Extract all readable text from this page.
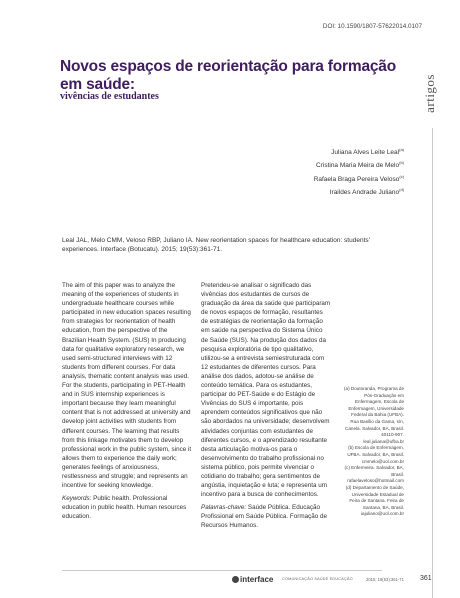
DOI: 10.1590/1807-57622014.0107
Novos espaços de reorientação para formação em saúde:
vivências de estudantes	artigos
Juliana Alves Leite Leal$^{(a)}$
Cristina Maria Meira de Melo$^{(b)}$
Rafaela Braga Pereira Veloso$^{(c)}$
Iraildes Andrade Juliano$^{(d)}$

Leal JAL, Melo CMM, Veloso RBP, Juliano IA. New reorientation spaces for healthcare education: students' experiences. Interface (Botucatu). 2015; 19(53):361-71.

The aim of this paper was to analyze the meaning of the experiences of students in undergraduate healthcare courses while participated in new education spaces resulting from strategies for reorientation of health education, from the perspective of the Brazilian Health System. (SUS) In producing data for qualitative exploratory research, we used semi-structured interviews with 12 students from different courses. For data analysis, thematic content analysis was used. For the students, participating in PET-Health and in SUS internship experiences is important because they learn meaningful content that is not addressed at university and develop joint activities with students from different courses. The learning that results from this linkage motivates them to develop professional work in the public system, since it allows them to experience the daily work; generates feelings of anxiousness, restlessness and struggle; and represents an incentive for seeking knowledge.

Keywords: Public health. Professional education in public health. Human resources education.

Pretendeu-se analisar o significado das vivências dos estudantes de cursos de graduação da área da saúde que participaram de novos espaços de formação, resultantes de estratégias de reorientação da formação em saúde na perspectiva do Sistema Único de Saúde (SUS). Na produção dos dados da pesquisa exploratória de tipo qualitativo, utilizou-se a entrevista semiestruturada com 12 estudantes de diferentes cursos. Para análise dos dados, adotou-se análise de conteúdo temática. Para os estudantes, participar do PET-Saúde e do Estágio de Vivências do SUS é importante, pois aprendem conteúdos significativos que não são abordados na universidade; desenvolvem atividades conjuntas com estudantes de diferentes cursos, e o aprendizado resultante desta articulação motiva-os para o desenvolvimento do trabalho profissional no sistema público, pois permite vivenciar o cotidiano do trabalho; gera sentimentos de angústia, inquietação e luta; e representa um incentivo para a busca de conhecimentos.

Palavras-chave: Saúde Pública. Educação Profissional em Saúde Pública. Formação de Recursos Humanos.

(a) Doutoranda, Programa de Pós-Graduação em Enfermagem, Escola de Enfermagem, Universidade Federal da Bahia (UFBA). Rua Basílio da Gama, s/n, Canela. Salvador, BA, Brasil. 40110-907. leal.juliana@ufba.br

(b) Escola de Enfermagem, UFBA. Salvador, BA, Brasil. cmmelo@uol.com.br

(c) Enfermeira. Salvador, BA, Brasil. rafaelaveloso@hotmail.com

(d) Departamento de Saúde, Universidade Estadual de Feira de Santana. Feira de Santana, BA, Brasil. iajuliano@uol.com.br

interface COMUNICAÇÃO SAÚDE EDUCAÇÃO	2015; 19(53):361-71 361
